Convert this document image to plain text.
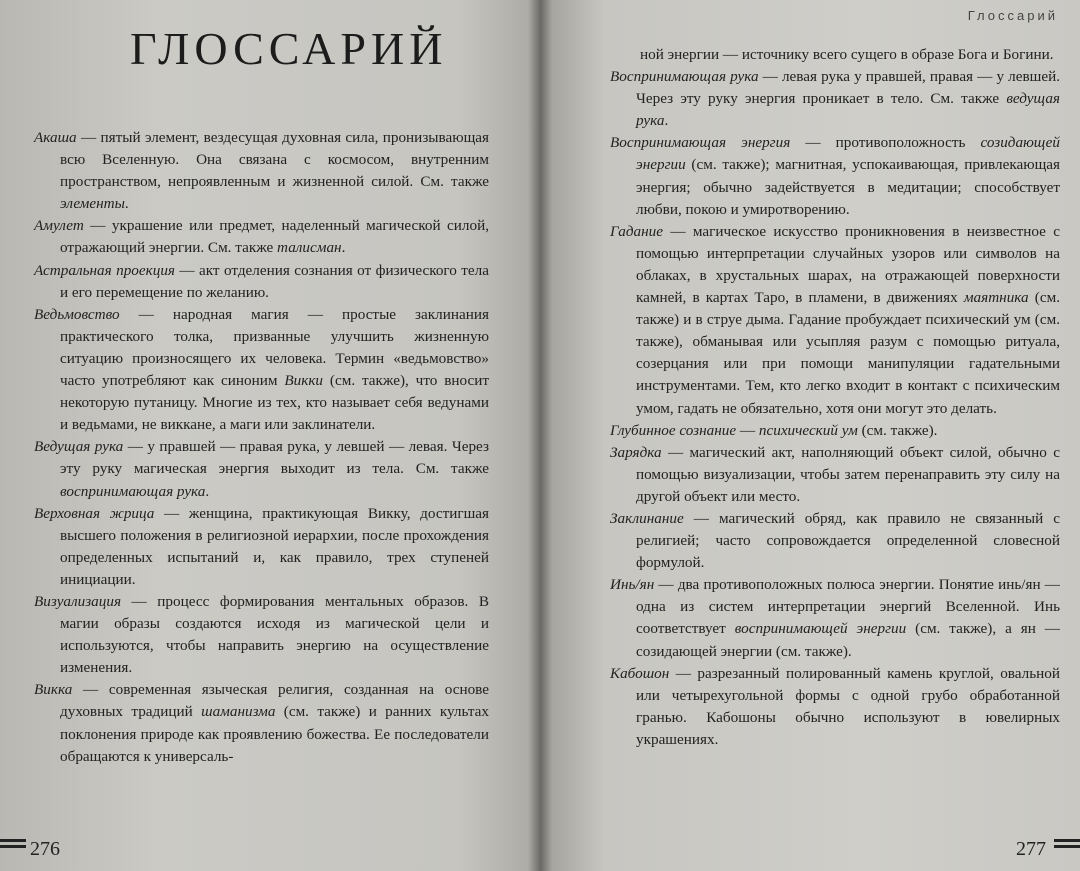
ГЛОССАРИЙ

Акаша — пятый элемент, вездесущая духовная сила, пронизывающая всю Вселенную. Она связана с космосом, внутренним пространством, непроявленным и жизненной силой. См. также элементы.

Амулет — украшение или предмет, наделенный магической силой, отражающий энергии. См. также талисман.

Астральная проекция — акт отделения сознания от физического тела и его перемещение по желанию.

Ведьмовство — народная магия — простые заклинания практического толка, призванные улучшить жизненную ситуацию произносящего их человека. Термин «ведьмовство» часто употребляют как синоним Викки (см. также), что вносит некоторую путаницу. Многие из тех, кто называет себя ведунами и ведьмами, не виккане, а маги или заклинатели.

Ведущая рука — у правшей — правая рука, у левшей — левая. Через эту руку магическая энергия выходит из тела. См. также воспринимающая рука.

Верховная жрица — женщина, практикующая Викку, достигшая высшего положения в религиозной иерархии, после прохождения определенных испытаний и, как правило, трех ступеней инициации.

Визуализация — процесс формирования ментальных образов. В магии образы создаются исходя из магической цели и используются, чтобы направить энергию на осуществление изменения.

Викка — современная языческая религия, созданная на основе духовных традиций шаманизма (см. также) и ранних культах поклонения природе как проявлению божества. Ее последователи обращаются к универсаль-

276
Глоссарий

ной энергии — источнику всего сущего в образе Бога и Богини.

Воспринимающая рука — левая рука у правшей, правая — у левшей. Через эту руку энергия проникает в тело. См. также ведущая рука.

Воспринимающая энергия — противоположность созидающей энергии (см. также); магнитная, успокаивающая, привлекающая энергия; обычно задействуется в медитации; способствует любви, покою и умиротворению.

Гадание — магическое искусство проникновения в неизвестное с помощью интерпретации случайных узоров или символов на облаках, в хрустальных шарах, на отражающей поверхности камней, в картах Таро, в пламени, в движениях маятника (см. также) и в струе дыма. Гадание пробуждает психический ум (см. также), обманывая или усыпляя разум с помощью ритуала, созерцания или при помощи манипуляции гадательными инструментами. Тем, кто легко входит в контакт с психическим умом, гадать не обязательно, хотя они могут это делать.

Глубинное сознание — психический ум (см. также).

Зарядка — магический акт, наполняющий объект силой, обычно с помощью визуализации, чтобы затем перенаправить эту силу на другой объект или место.

Заклинание — магический обряд, как правило не связанный с религией; часто сопровождается определенной словесной формулой.

Инь/ян — два противоположных полюса энергии. Понятие инь/ян — одна из систем интерпретации энергий Вселенной. Инь соответствует воспринимающей энергии (см. также), а ян — созидающей энергии (см. также).

Кабошон — разрезанный полированный камень круглой, овальной или четырехугольной формы с одной грубо обработанной гранью. Кабошоны обычно используют в ювелирных украшениях.

277
